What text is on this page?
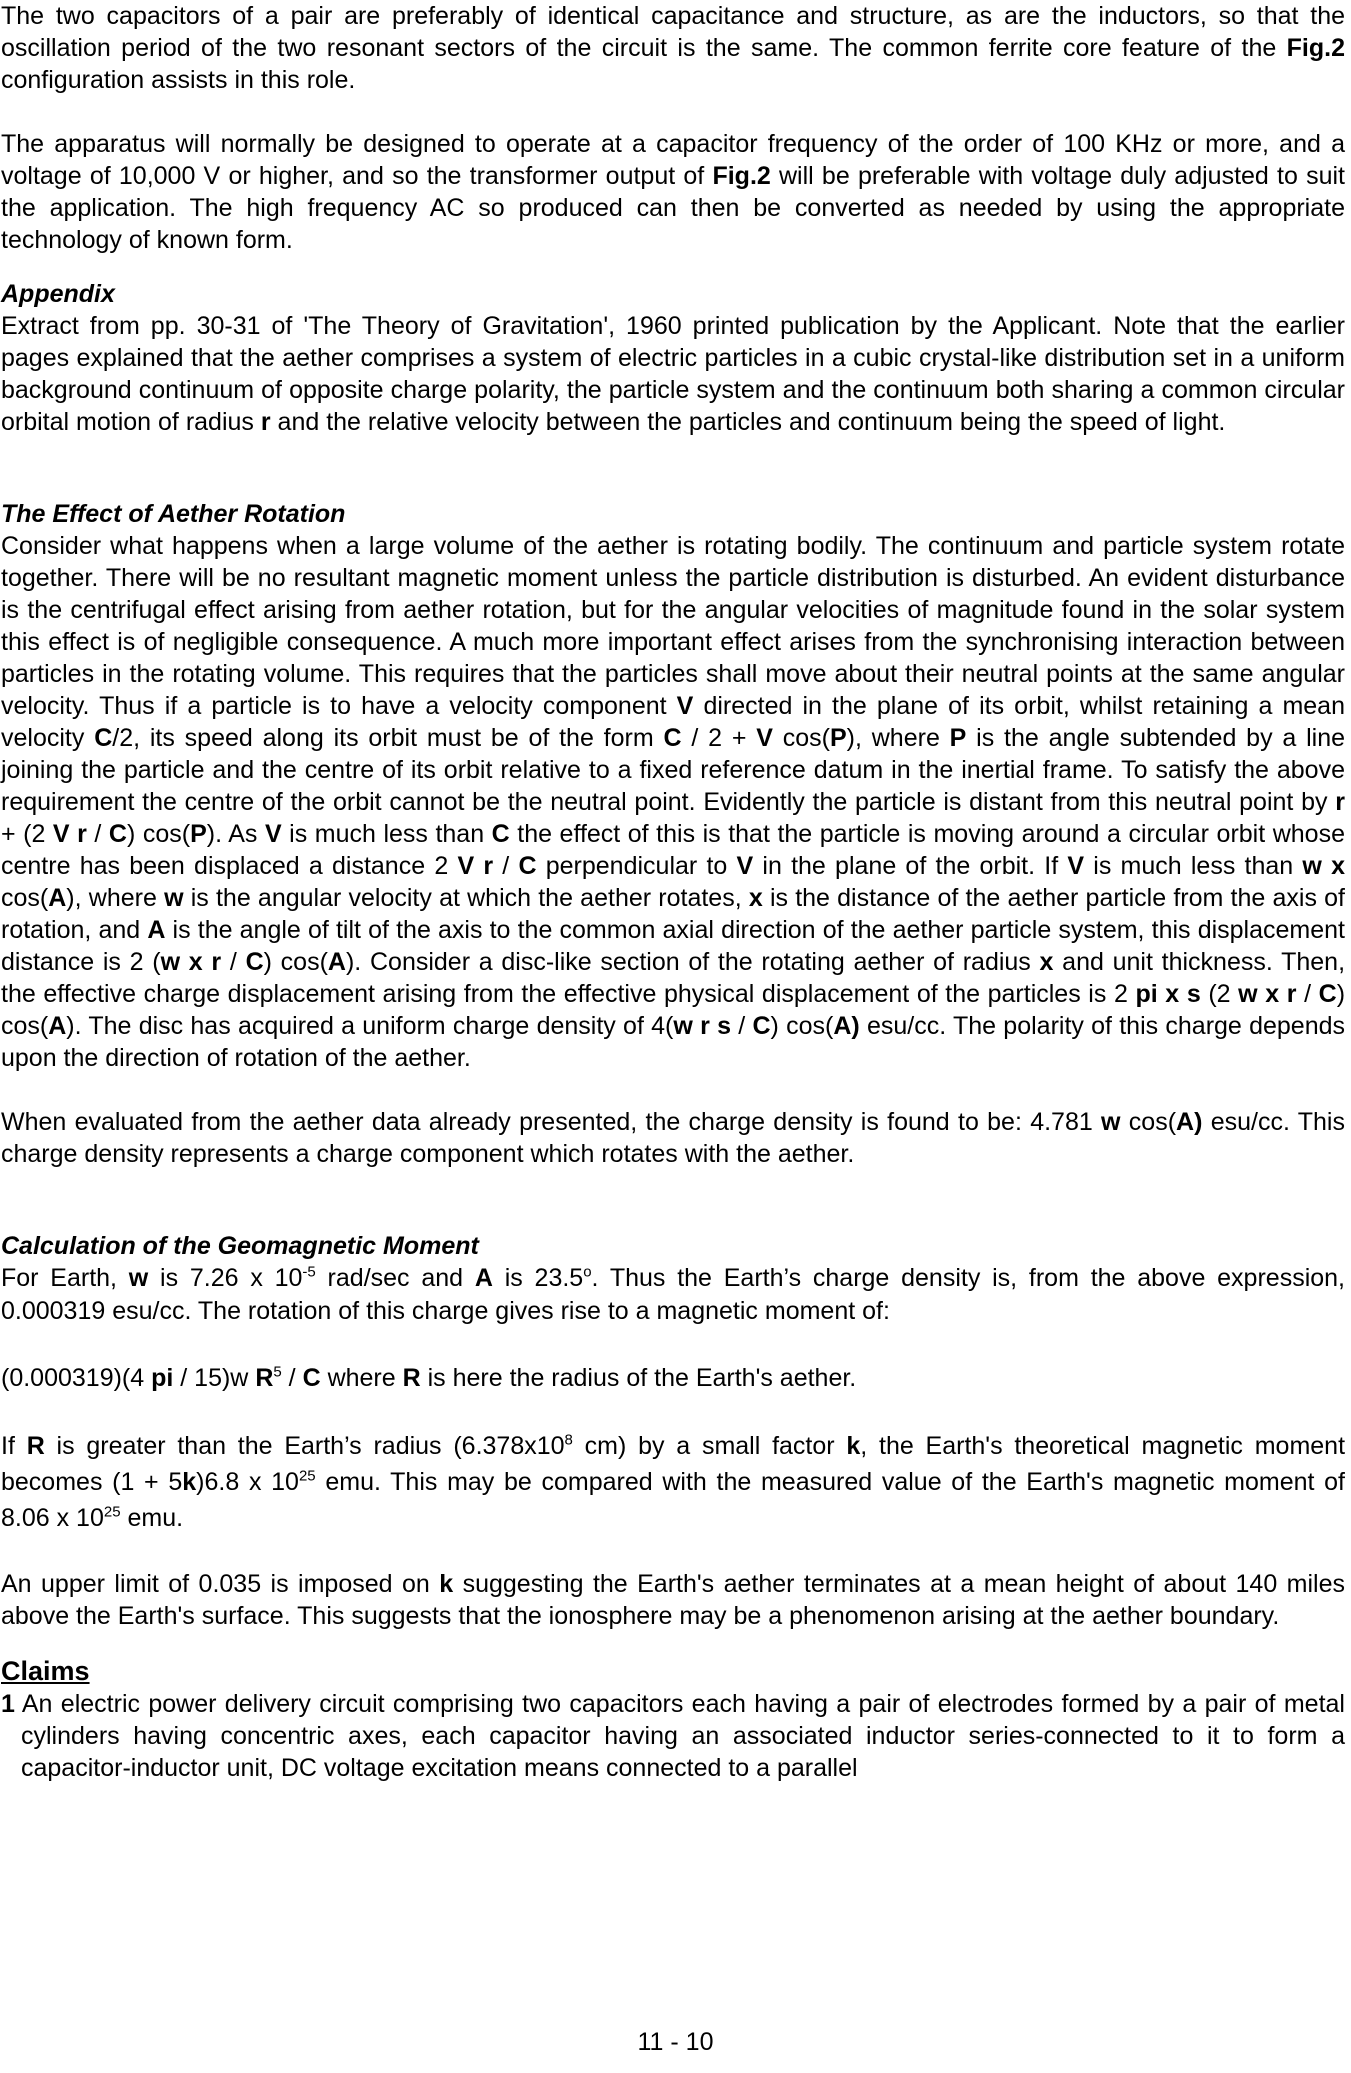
The two capacitors of a pair are preferably of identical capacitance and structure, as are the inductors, so that the oscillation period of the two resonant sectors of the circuit is the same. The common ferrite core feature of the Fig.2 configuration assists in this role.

The apparatus will normally be designed to operate at a capacitor frequency of the order of 100 KHz or more, and a voltage of 10,000 V or higher, and so the transformer output of Fig.2 will be preferable with voltage duly adjusted to suit the application. The high frequency AC so produced can then be converted as needed by using the appropriate technology of known form.

Appendix

Extract from pp. 30-31 of 'The Theory of Gravitation', 1960 printed publication by the Applicant. Note that the earlier pages explained that the aether comprises a system of electric particles in a cubic crystal-like distribution set in a uniform background continuum of opposite charge polarity, the particle system and the continuum both sharing a common circular orbital motion of radius r and the relative velocity between the particles and continuum being the speed of light.

The Effect of Aether Rotation

Consider what happens when a large volume of the aether is rotating bodily. The continuum and particle system rotate together. There will be no resultant magnetic moment unless the particle distribution is disturbed. An evident disturbance is the centrifugal effect arising from aether rotation, but for the angular velocities of magnitude found in the solar system this effect is of negligible consequence. A much more important effect arises from the synchronising interaction between particles in the rotating volume. This requires that the particles shall move about their neutral points at the same angular velocity. Thus if a particle is to have a velocity component V directed in the plane of its orbit, whilst retaining a mean velocity C/2, its speed along its orbit must be of the form C / 2 + V cos(P), where P is the angle subtended by a line joining the particle and the centre of its orbit relative to a fixed reference datum in the inertial frame. To satisfy the above requirement the centre of the orbit cannot be the neutral point. Evidently the particle is distant from this neutral point by r + (2 V r / C) cos(P). As V is much less than C the effect of this is that the particle is moving around a circular orbit whose centre has been displaced a distance 2 V r / C perpendicular to V in the plane of the orbit. If V is much less than w x cos(A), where w is the angular velocity at which the aether rotates, x is the distance of the aether particle from the axis of rotation, and A is the angle of tilt of the axis to the common axial direction of the aether particle system, this displacement distance is 2 (w x r / C) cos(A). Consider a disc-like section of the rotating aether of radius x and unit thickness. Then, the effective charge displacement arising from the effective physical displacement of the particles is 2 pi x s (2 w x r / C) cos(A). The disc has acquired a uniform charge density of 4(w r s / C) cos(A) esu/cc. The polarity of this charge depends upon the direction of rotation of the aether.

When evaluated from the aether data already presented, the charge density is found to be: 4.781 w cos(A) esu/cc. This charge density represents a charge component which rotates with the aether.

Calculation of the Geomagnetic Moment

For Earth, w is 7.26 x $10^{-5}$ rad/sec and A is 23.5$^o$. Thus the Earth’s charge density is, from the above expression, 0.000319 esu/cc. The rotation of this charge gives rise to a magnetic moment of:

(0.000319)(4 pi / 15)w $R^5$ / C where R is here the radius of the Earth's aether.

If R is greater than the Earth’s radius ($6.378x10^8$ cm) by a small factor k, the Earth's theoretical magnetic moment becomes (1 + 5k)6.8 x $10^{25}$ emu. This may be compared with the measured value of the Earth's magnetic moment of 8.06 x $10^{25}$ emu.

An upper limit of 0.035 is imposed on k suggesting the Earth's aether terminates at a mean height of about 140 miles above the Earth's surface. This suggests that the ionosphere may be a phenomenon arising at the aether boundary.

Claims

1 An electric power delivery circuit comprising two capacitors each having a pair of electrodes formed by a pair of metal cylinders having concentric axes, each capacitor having an associated inductor series-connected to it to form a capacitor-inductor unit, DC voltage excitation means connected to a parallel

11 - 10
